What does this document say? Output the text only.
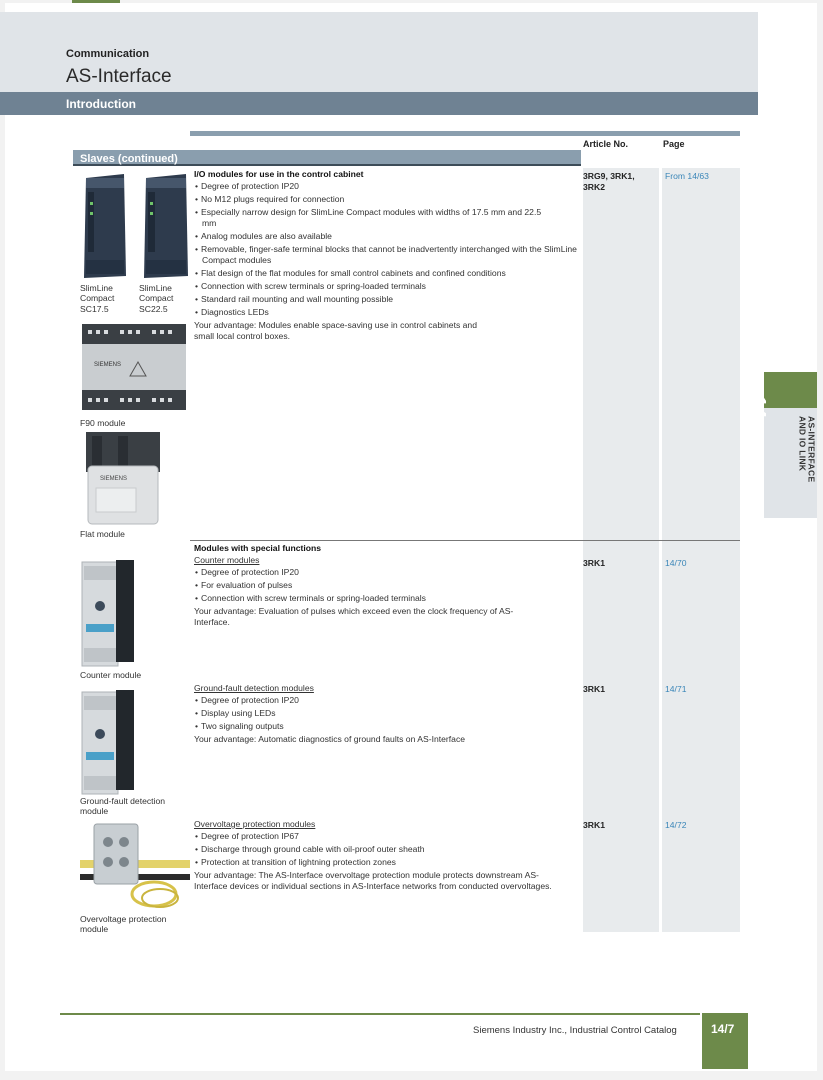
Communication
AS-Interface
Introduction
Article No.	Page
Slaves (continued)
I/O modules for use in the control cabinet
• Degree of protection IP20
• No M12 plugs required for connection
• Especially narrow design for SlimLine Compact modules with widths of 17.5 mm and 22.5 mm
• Analog modules are also available
• Removable, finger-safe terminal blocks that cannot be inadvertently interchanged with the SlimLine Compact modules
• Flat design of the flat modules for small control cabinets and confined conditions
• Connection with screw terminals or spring-loaded terminals
• Standard rail mounting and wall mounting possible
• Diagnostics LEDs
Your advantage: Modules enable space-saving use in control cabinets and small local control boxes.
3RG9, 3RK1, 3RK2
From 14/63
Modules with special functions
Counter modules
• Degree of protection IP20
• For evaluation of pulses
• Connection with screw terminals or spring-loaded terminals
Your advantage: Evaluation of pulses which exceed even the clock frequency of AS-Interface.
3RK1	14/70
Ground-fault detection modules
• Degree of protection IP20
• Display using LEDs
• Two signaling outputs
Your advantage: Automatic diagnostics of ground faults on AS-Interface
3RK1	14/71
Overvoltage protection modules
• Degree of protection IP67
• Discharge through ground cable with oil-proof outer sheath
• Protection at transition of lightning protection zones
Your advantage: The AS-Interface overvoltage protection module protects downstream AS-Interface devices or individual sections in AS-Interface networks from conducted overvoltages.
3RK1	14/72
SlimLine
Compact
SC17.5
SlimLine
Compact
SC22.5
SIEMENS
F90 module
SIEMENS
Flat module
Counter module
Ground-fault detection
module
Overvoltage protection
module
14
AS-INTERFACE
AND IO LINK
Siemens Industry Inc., Industrial Control Catalog	14/7
